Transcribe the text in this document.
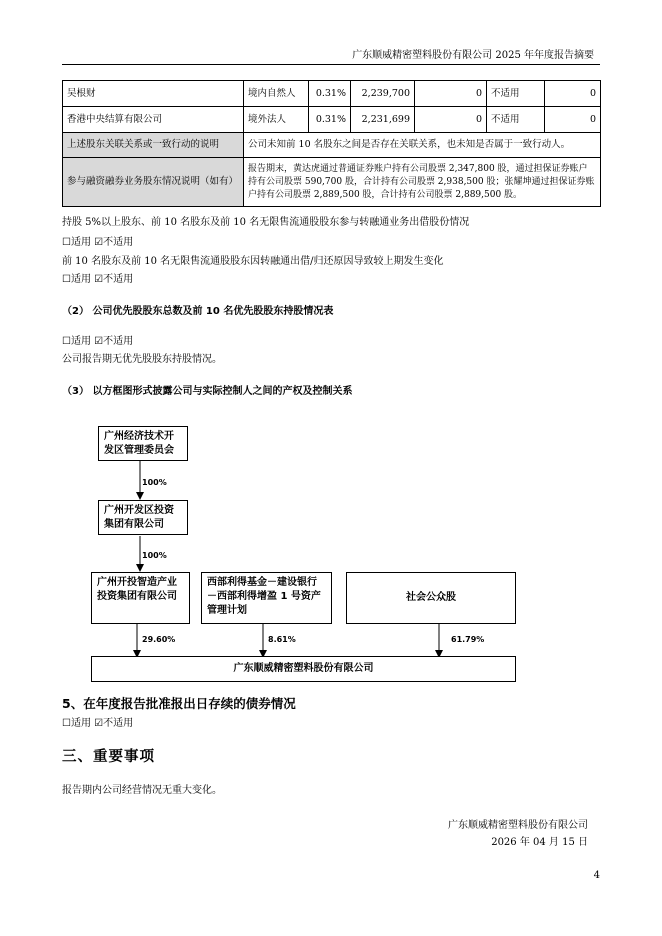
广东顺威精密塑料股份有限公司 2025 年年度报告摘要
吴根财	境内自然人	0.31%	2,239,700	0	不适用	0
香港中央结算有限公司	境外法人	0.31%	2,231,699	0	不适用	0
上述股东关联关系或一致行动的说明	公司未知前 10 名股东之间是否存在关联关系，也未知是否属于一致行动人。					
参与融资融券业务股东情况说明（如有）	报告期末，黄达虎通过普通证券账户持有公司股票 2,347,800 股，通过担保证券账户持有公司股票 590,700 股，合计持有公司股票 2,938,500 股；张耀坤通过担保证券账户持有公司股票 2,889,500 股，合计持有公司股票 2,889,500 股。					
持股 5%以上股东、前 10 名股东及前 10 名无限售流通股股东参与转融通业务出借股份情况
☐适用 ☑不适用
前 10 名股东及前 10 名无限售流通股股东因转融通出借/归还原因导致较上期发生变化
☐适用 ☑不适用
（2） 公司优先股股东总数及前 10 名优先股股东持股情况表
☐适用 ☑不适用
公司报告期无优先股股东持股情况。
（3） 以方框图形式披露公司与实际控制人之间的产权及控制关系
广州经济技术开发区管理委员会
广州开发区投资集团有限公司
广州开投智造产业投资集团有限公司
西部利得基金－建设银行－西部利得增盈 1 号资产管理计划
社会公众股
广东顺威精密塑料股份有限公司
100%
100%
29.60%	8.61%	61.79%
5、在年度报告批准报出日存续的债券情况
☐适用 ☑不适用
三、重要事项
报告期内公司经营情况无重大变化。
广东顺威精密塑料股份有限公司
2026 年 04 月 15 日
4
